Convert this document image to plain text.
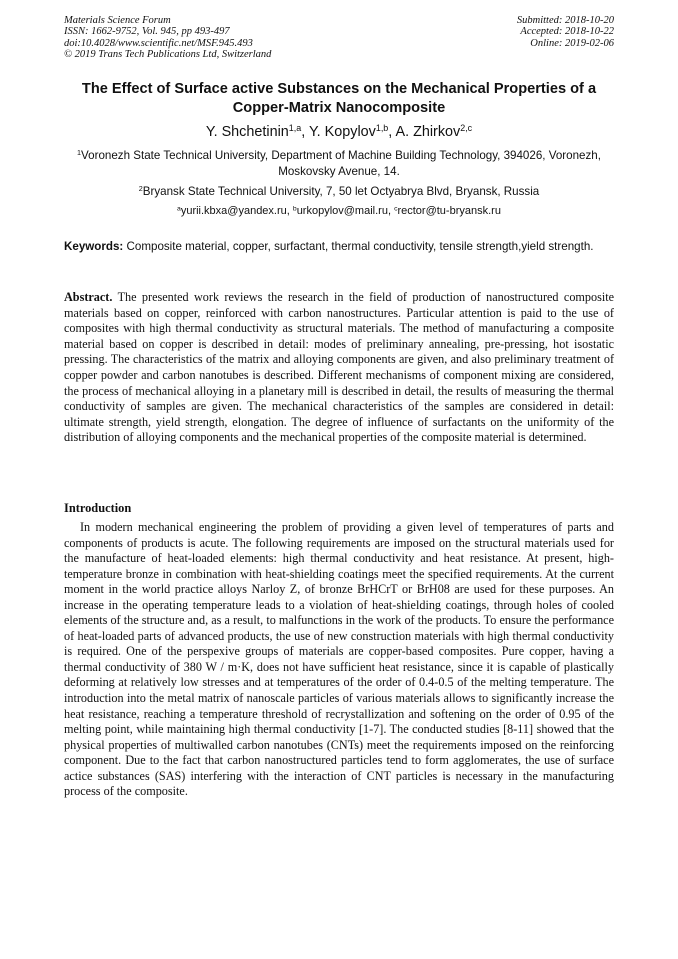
Materials Science Forum
ISSN: 1662-9752, Vol. 945, pp 493-497
doi:10.4028/www.scientific.net/MSF.945.493
© 2019 Trans Tech Publications Ltd, Switzerland
Submitted: 2018-10-20
Accepted: 2018-10-22
Online: 2019-02-06
The Effect of Surface active Substances on the Mechanical Properties of a Copper-Matrix Nanocomposite
Y. Shchetinin$^{1,a}$, Y. Kopylov$^{1,b}$, A. Zhirkov$^{2,c}$
$^1$Voronezh State Technical University, Department of Machine Building Technology, 394026, Voronezh, Moskovsky Avenue, 14.
$^2$Bryansk State Technical University, 7, 50 let Octyabrya Blvd, Bryansk, Russia
$^a$yurii.kbxa@yandex.ru, $^b$urkopylov@mail.ru, $^c$rector@tu-bryansk.ru
Keywords: Composite material, copper, surfactant, thermal conductivity, tensile strength,yield strength.
Abstract. The presented work reviews the research in the field of production of nanostructured composite materials based on copper, reinforced with carbon nanostructures. Particular attention is paid to the use of composites with high thermal conductivity as structural materials. The method of manufacturing a composite material based on copper is described in detail: modes of preliminary annealing, pre-pressing, hot isostatic pressing. The characteristics of the matrix and alloying components are given, and also preliminary treatment of copper powder and carbon nanotubes is described. Different mechanisms of component mixing are considered, the process of mechanical alloying in a planetary mill is described in detail, the results of measuring the thermal conductivity of samples are given. The mechanical characteristics of the samples are considered in detail: ultimate strength, yield strength, elongation. The degree of influence of surfactants on the uniformity of the distribution of alloying components and the mechanical properties of the composite material is determined.
Introduction
In modern mechanical engineering the problem of providing a given level of temperatures of parts and components of products is acute. The following requirements are imposed on the structural materials used for the manufacture of heat-loaded elements: high thermal conductivity and heat resistance. At present, high-temperature bronze in combination with heat-shielding coatings meet the specified requirements. At the current moment in the world practice alloys Narloy Z, of bronze BrHCrT or BrH08 are used for these purposes. An increase in the operating temperature leads to a violation of heat-shielding coatings, through holes of cooled elements of the structure and, as a result, to malfunctions in the work of the products. To ensure the performance of heat-loaded parts of advanced products, the use of new construction materials with high thermal conductivity is required. One of the perspexive groups of materials are copper-based composites. Pure copper, having a thermal conductivity of 380 W / m·K, does not have sufficient heat resistance, since it is capable of plastically deforming at relatively low stresses and at temperatures of the order of 0.4-0.5 of the melting temperature. The introduction into the metal matrix of nanoscale particles of various materials allows to significantly increase the heat resistance, reaching a temperature threshold of recrystallization and softening on the order of 0.95 of the melting point, while maintaining high thermal conductivity [1-7]. The conducted studies [8-11] showed that the physical properties of multiwalled carbon nanotubes (CNTs) meet the requirements imposed on the reinforcing component. Due to the fact that carbon nanostructured particles tend to form agglomerates, the use of surface actice substances (SAS) interfering with the interaction of CNT particles is necessary in the manufacturing process of the composite.
